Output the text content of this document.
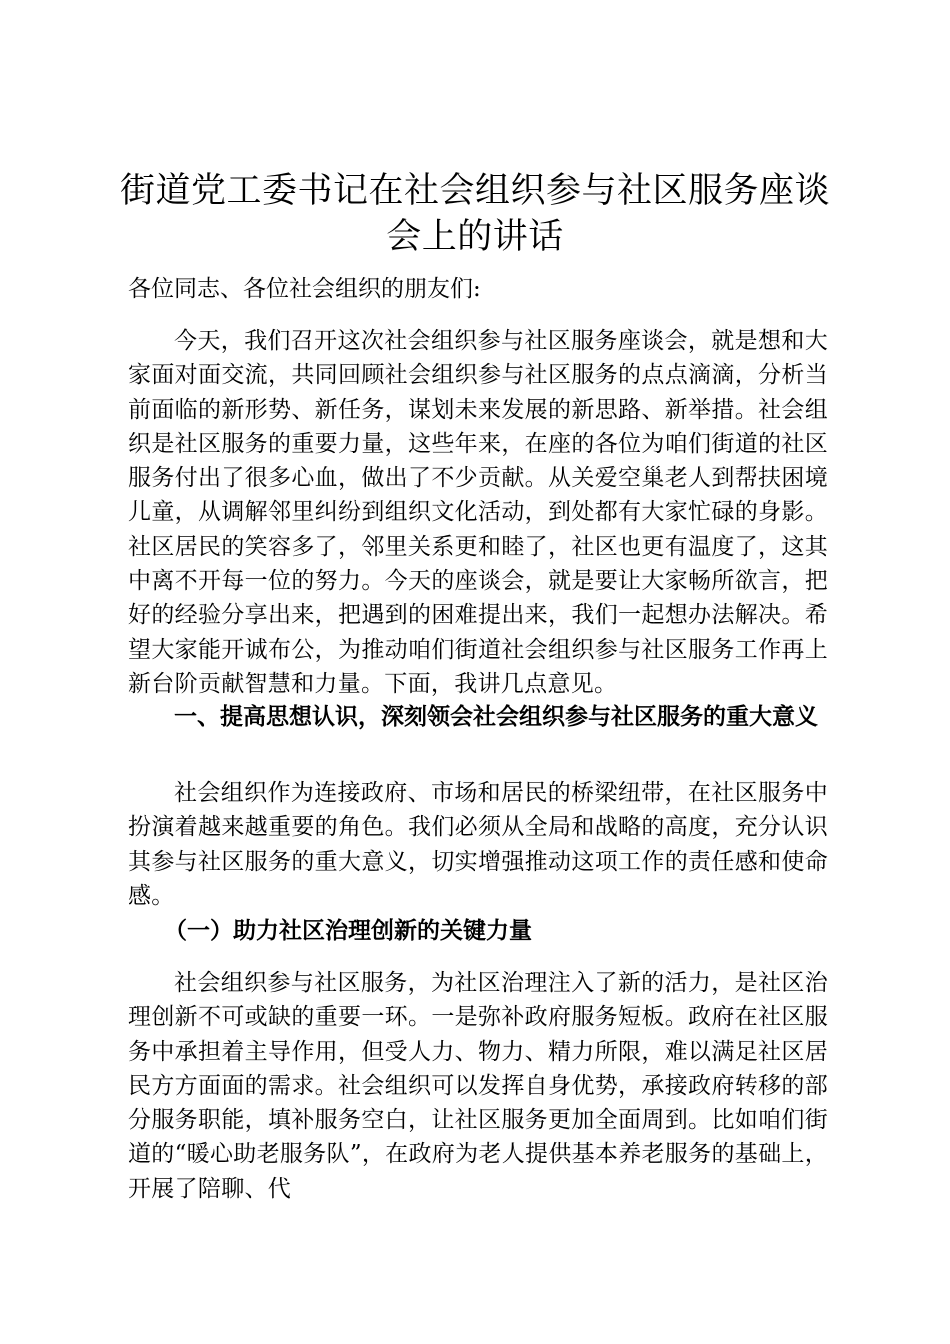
街道党工委书记在社会组织参与社区服务座谈会上的讲话

各位同志、各位社会组织的朋友们:

今天，我们召开这次社会组织参与社区服务座谈会，就是想和大家面对面交流，共同回顾社会组织参与社区服务的点点滴滴，分析当前面临的新形势、新任务，谋划未来发展的新思路、新举措。社会组织是社区服务的重要力量，这些年来，在座的各位为咱们街道的社区服务付出了很多心血，做出了不少贡献。从关爱空巢老人到帮扶困境儿童，从调解邻里纠纷到组织文化活动，到处都有大家忙碌的身影。社区居民的笑容多了，邻里关系更和睦了，社区也更有温度了，这其中离不开每一位的努力。今天的座谈会，就是要让大家畅所欲言，把好的经验分享出来，把遇到的困难提出来，我们一起想办法解决。希望大家能开诚布公，为推动咱们街道社会组织参与社区服务工作再上新台阶贡献智慧和力量。下面，我讲几点意见。

一、提高思想认识，深刻领会社会组织参与社区服务的重大意义

社会组织作为连接政府、市场和居民的桥梁纽带，在社区服务中扮演着越来越重要的角色。我们必须从全局和战略的高度，充分认识其参与社区服务的重大意义，切实增强推动这项工作的责任感和使命感。

（一）助力社区治理创新的关键力量

社会组织参与社区服务，为社区治理注入了新的活力，是社区治理创新不可或缺的重要一环。一是弥补政府服务短板。政府在社区服务中承担着主导作用，但受人力、物力、精力所限，难以满足社区居民方方面面的需求。社会组织可以发挥自身优势，承接政府转移的部分服务职能，填补服务空白，让社区服务更加全面周到。比如咱们街道的“暖心助老服务队”，在政府为老人提供基本养老服务的基础上，开展了陪聊、代
